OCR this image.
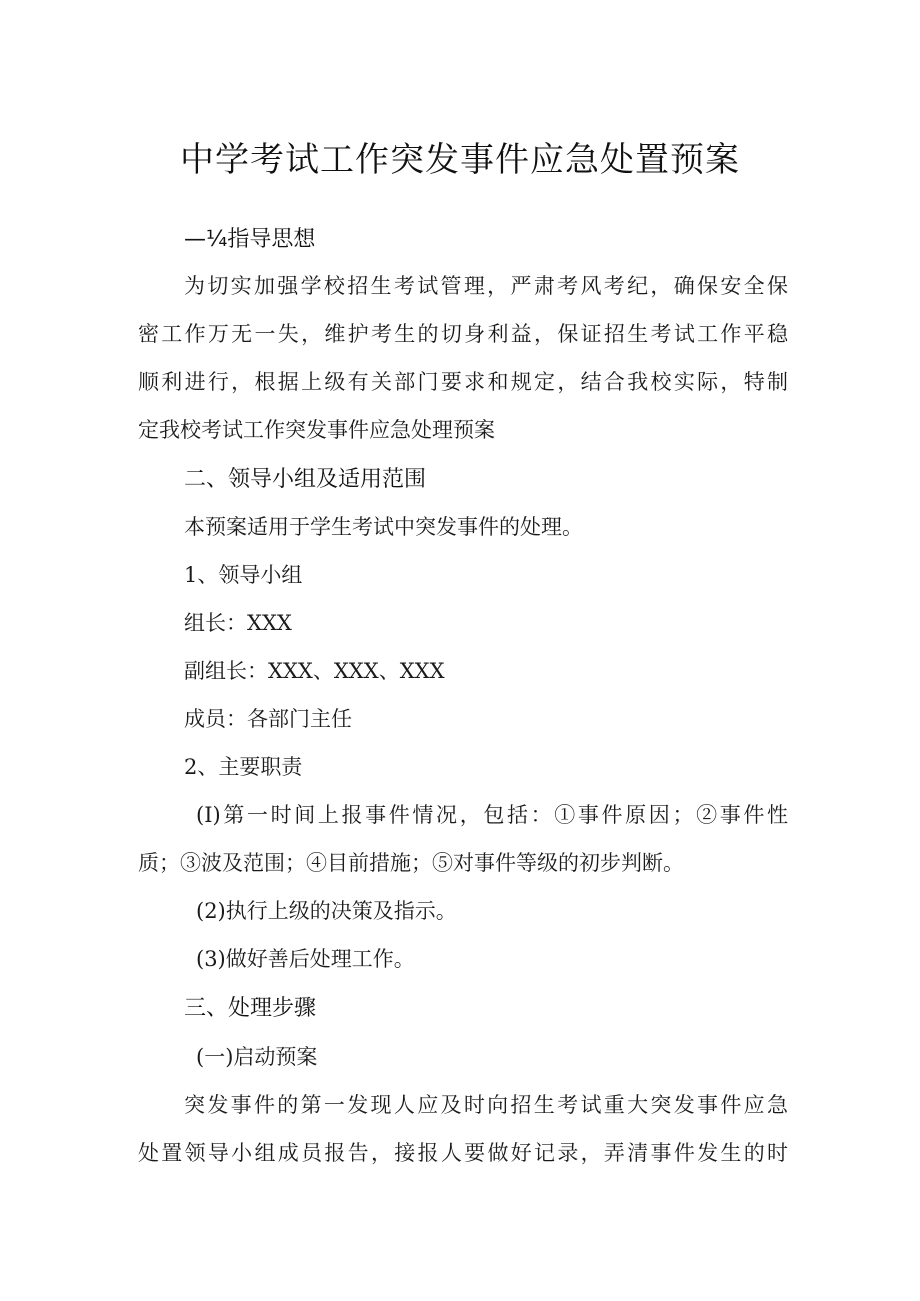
中学考试工作突发事件应急处置预案
—¼指导思想
为切实加强学校招生考试管理，严肃考风考纪，确保安全保
密工作万无一失，维护考生的切身利益，保证招生考试工作平稳
顺利进行，根据上级有关部门要求和规定，结合我校实际，特制
定我校考试工作突发事件应急处理预案
二、领导小组及适用范围
本预案适用于学生考试中突发事件的处理。
1、领导小组
组长：XXX
副组长：XXX、XXX、XXX
成员：各部门主任
2、主要职责
(I)第一时间上报事件情况，包括：①事件原因；②事件性
质；③波及范围；④目前措施；⑤对事件等级的初步判断。
(2)执行上级的决策及指示。
(3)做好善后处理工作。
三、处理步骤
(一)启动预案
突发事件的第一发现人应及时向招生考试重大突发事件应急
处置领导小组成员报告，接报人要做好记录，弄清事件发生的时
